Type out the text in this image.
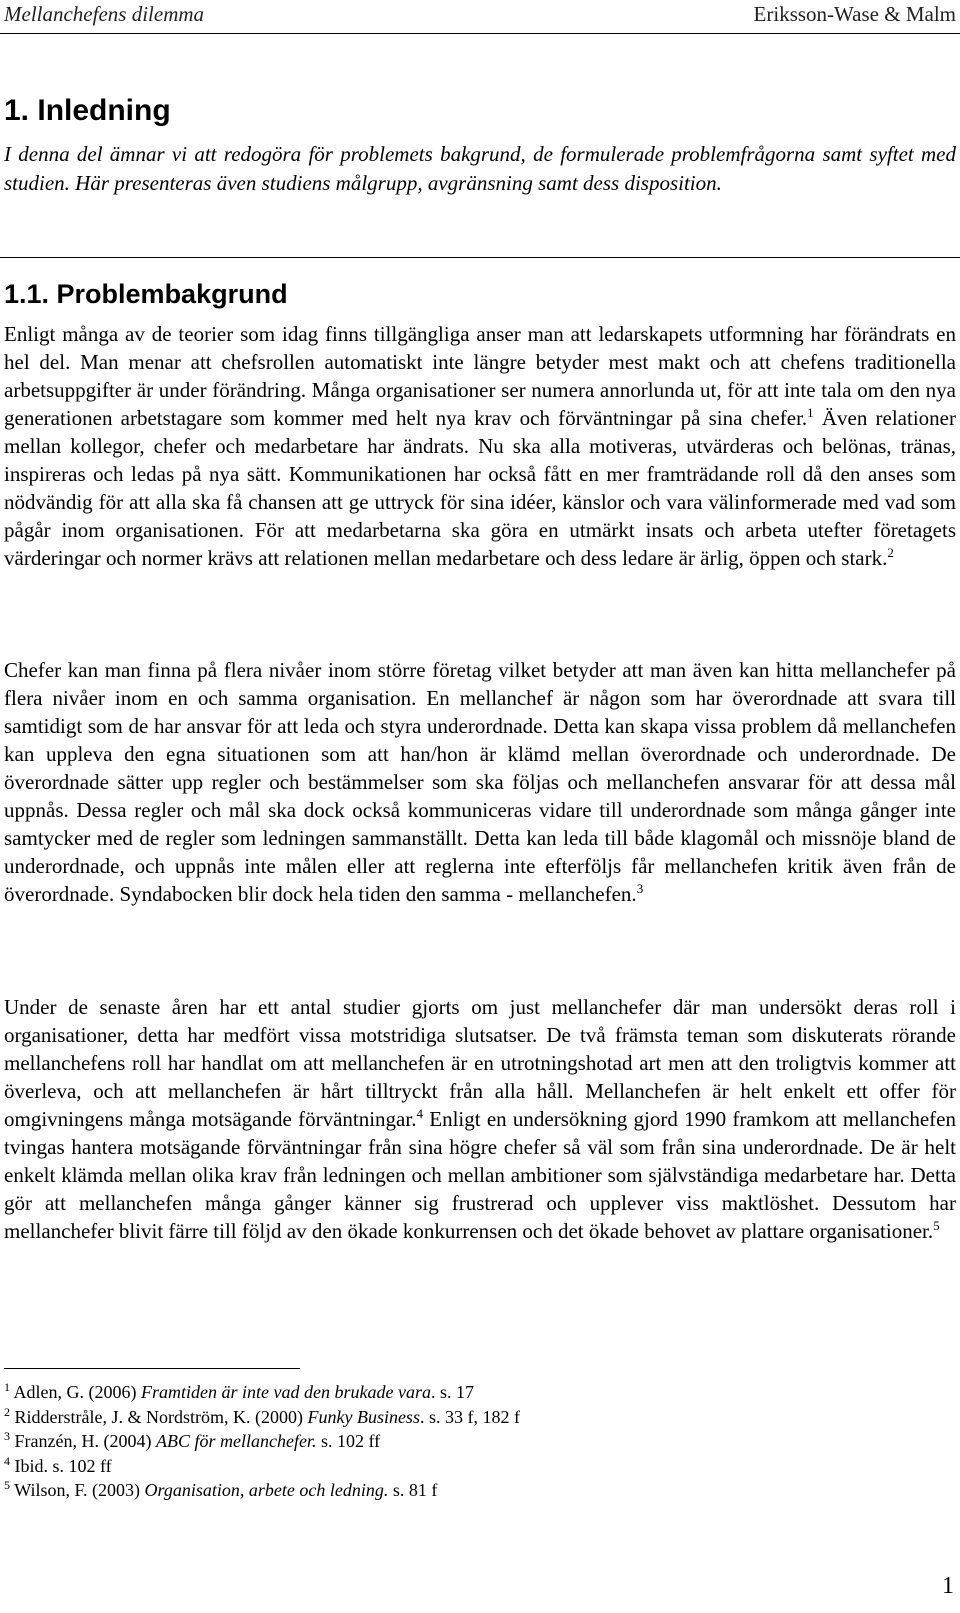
Mellanchefens dilemma	Eriksson-Wase & Malm
1. Inledning
I denna del ämnar vi att redogöra för problemets bakgrund, de formulerade problemfrågorna samt syftet med studien. Här presenteras även studiens målgrupp, avgränsning samt dess disposition.
1.1. Problembakgrund

Enligt många av de teorier som idag finns tillgängliga anser man att ledarskapets utformning har förändrats en hel del. Man menar att chefsrollen automatiskt inte längre betyder mest makt och att chefens traditionella arbetsuppgifter är under förändring. Många organisationer ser numera annorlunda ut, för att inte tala om den nya generationen arbetstagare som kommer med helt nya krav och förväntningar på sina chefer.$^1$ Även relationer mellan kollegor, chefer och medarbetare har ändrats. Nu ska alla motiveras, utvärderas och belönas, tränas, inspireras och ledas på nya sätt. Kommunikationen har också fått en mer framträdande roll då den anses som nödvändig för att alla ska få chansen att ge uttryck för sina idéer, känslor och vara välinformerade med vad som pågår inom organisationen. För att medarbetarna ska göra en utmärkt insats och arbeta utefter företagets värderingar och normer krävs att relationen mellan medarbetare och dess ledare är ärlig, öppen och stark.$^2$

Chefer kan man finna på flera nivåer inom större företag vilket betyder att man även kan hitta mellanchefer på flera nivåer inom en och samma organisation. En mellanchef är någon som har överordnade att svara till samtidigt som de har ansvar för att leda och styra underordnade. Detta kan skapa vissa problem då mellanchefen kan uppleva den egna situationen som att han/hon är klämd mellan överordnade och underordnade. De överordnade sätter upp regler och bestämmelser som ska följas och mellanchefen ansvarar för att dessa mål uppnås. Dessa regler och mål ska dock också kommuniceras vidare till underordnade som många gånger inte samtycker med de regler som ledningen sammanställt. Detta kan leda till både klagomål och missnöje bland de underordnade, och uppnås inte målen eller att reglerna inte efterföljs får mellanchefen kritik även från de överordnade. Syndabocken blir dock hela tiden den samma - mellanchefen.$^3$

Under de senaste åren har ett antal studier gjorts om just mellanchefer där man undersökt deras roll i organisationer, detta har medfört vissa motstridiga slutsatser. De två främsta teman som diskuterats rörande mellanchefens roll har handlat om att mellanchefen är en utrotningshotad art men att den troligtvis kommer att överleva, och att mellanchefen är hårt tilltryckt från alla håll. Mellanchefen är helt enkelt ett offer för omgivningens många motsägande förväntningar.$^4$ Enligt en undersökning gjord 1990 framkom att mellanchefen tvingas hantera motsägande förväntningar från sina högre chefer så väl som från sina underordnade. De är helt enkelt klämda mellan olika krav från ledningen och mellan ambitioner som självständiga medarbetare har. Detta gör att mellanchefen många gånger känner sig frustrerad och upplever viss maktlöshet. Dessutom har mellanchefer blivit färre till följd av den ökade konkurrensen och det ökade behovet av plattare organisationer.$^5$

$^1$ Adlen, G. (2006) Framtiden är inte vad den brukade vara. s. 17
$^2$ Ridderstråle, J. & Nordström, K. (2000) Funky Business. s. 33 f, 182 f
$^3$ Franzén, H. (2004) ABC för mellanchefer. s. 102 ff
$^4$ Ibid. s. 102 ff
$^5$ Wilson, F. (2003) Organisation, arbete och ledning. s. 81 f
1
